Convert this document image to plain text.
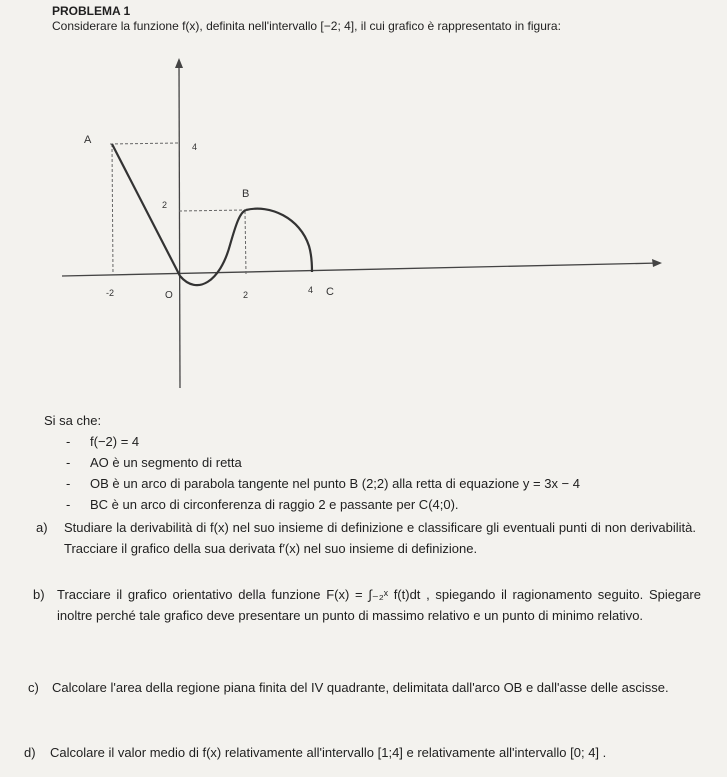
PROBLEMA 1
Considerare la funzione f(x), definita nell'intervallo [−2; 4], il cui grafico è rappresentato in figura:
A
B
C
-2	O	2	4
2
4
Si sa che:
- f(−2) = 4
- AO è un segmento di retta
- OB è un arco di parabola tangente nel punto B (2;2) alla retta di equazione y = 3x − 4
- BC è un arco di circonferenza di raggio 2 e passante per C(4;0).
a) Studiare la derivabilità di f(x) nel suo insieme di definizione e classificare gli eventuali punti di non derivabilità. Tracciare il grafico della sua derivata f′(x) nel suo insieme di definizione.
b) Tracciare il grafico orientativo della funzione F(x) = ∫₋₂ˣ f(t)dt , spiegando il ragionamento seguito. Spiegare inoltre perché tale grafico deve presentare un punto di massimo relativo e un punto di minimo relativo.
c) Calcolare l'area della regione piana finita del IV quadrante, delimitata dall'arco OB e dall'asse delle ascisse.
d) Calcolare il valor medio di f(x) relativamente all'intervallo [1;4] e relativamente all'intervallo [0; 4] .
